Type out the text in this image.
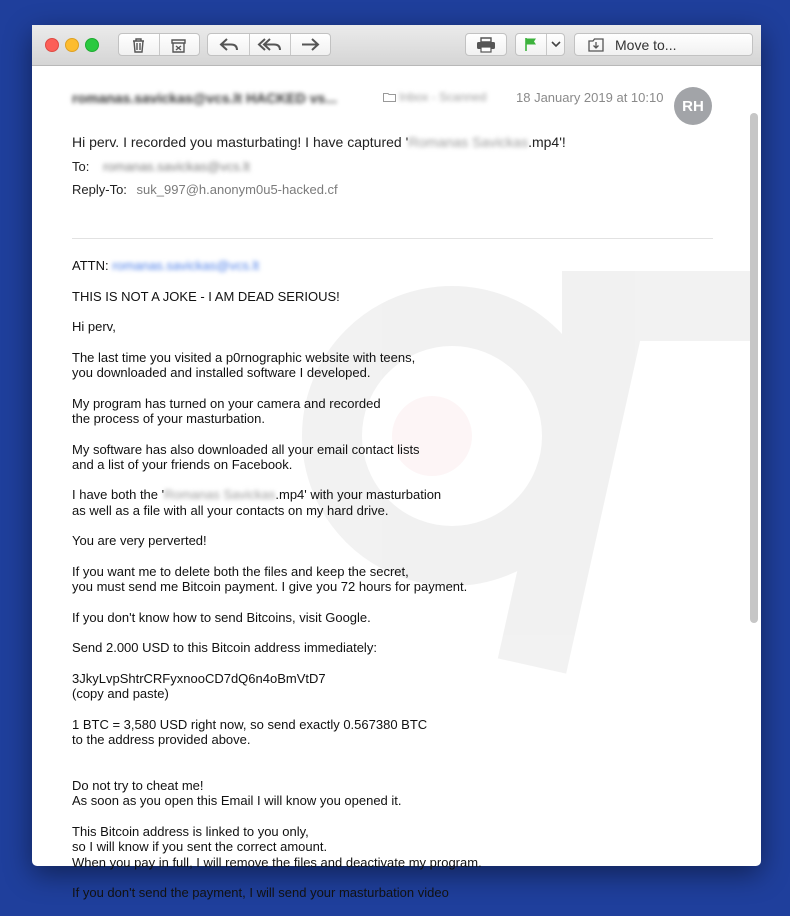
Move to...
romanas.savickas@vcs.lt HACKED vs...	Inbox - Scanned 18 January 2019 at 10:10	RH
Hi perv. I recorded you masturbating! I have captured 'Romanas Savickas.mp4'!
To: romanas.savickas@vcs.lt
Reply-To: suk_997@h.anonym0u5-hacked.cf
ATTN: romanas.savickas@vcs.lt
THIS IS NOT A JOKE - I AM DEAD SERIOUS!
Hi perv,
The last time you visited a p0rnographic website with teens,
you downloaded and installed software I developed.
My program has turned on your camera and recorded
the process of your masturbation.
My software has also downloaded all your email contact lists
and a list of your friends on Facebook.
I have both the 'Romanas Savickas.mp4' with your masturbation
as well as a file with all your contacts on my hard drive.
You are very perverted!
If you want me to delete both the files and keep the secret,
you must send me Bitcoin payment. I give you 72 hours for payment.
If you don't know how to send Bitcoins, visit Google.
Send 2.000 USD to this Bitcoin address immediately:
3JkyLvpShtrCRFyxnooCD7dQ6n4oBmVtD7
(copy and paste)
1 BTC = 3,580 USD right now, so send exactly 0.567380 BTC
to the address provided above.
Do not try to cheat me!
As soon as you open this Email I will know you opened it.
This Bitcoin address is linked to you only,
so I will know if you sent the correct amount.
When you pay in full, I will remove the files and deactivate my program.
If you don't send the payment, I will send your masturbation video
